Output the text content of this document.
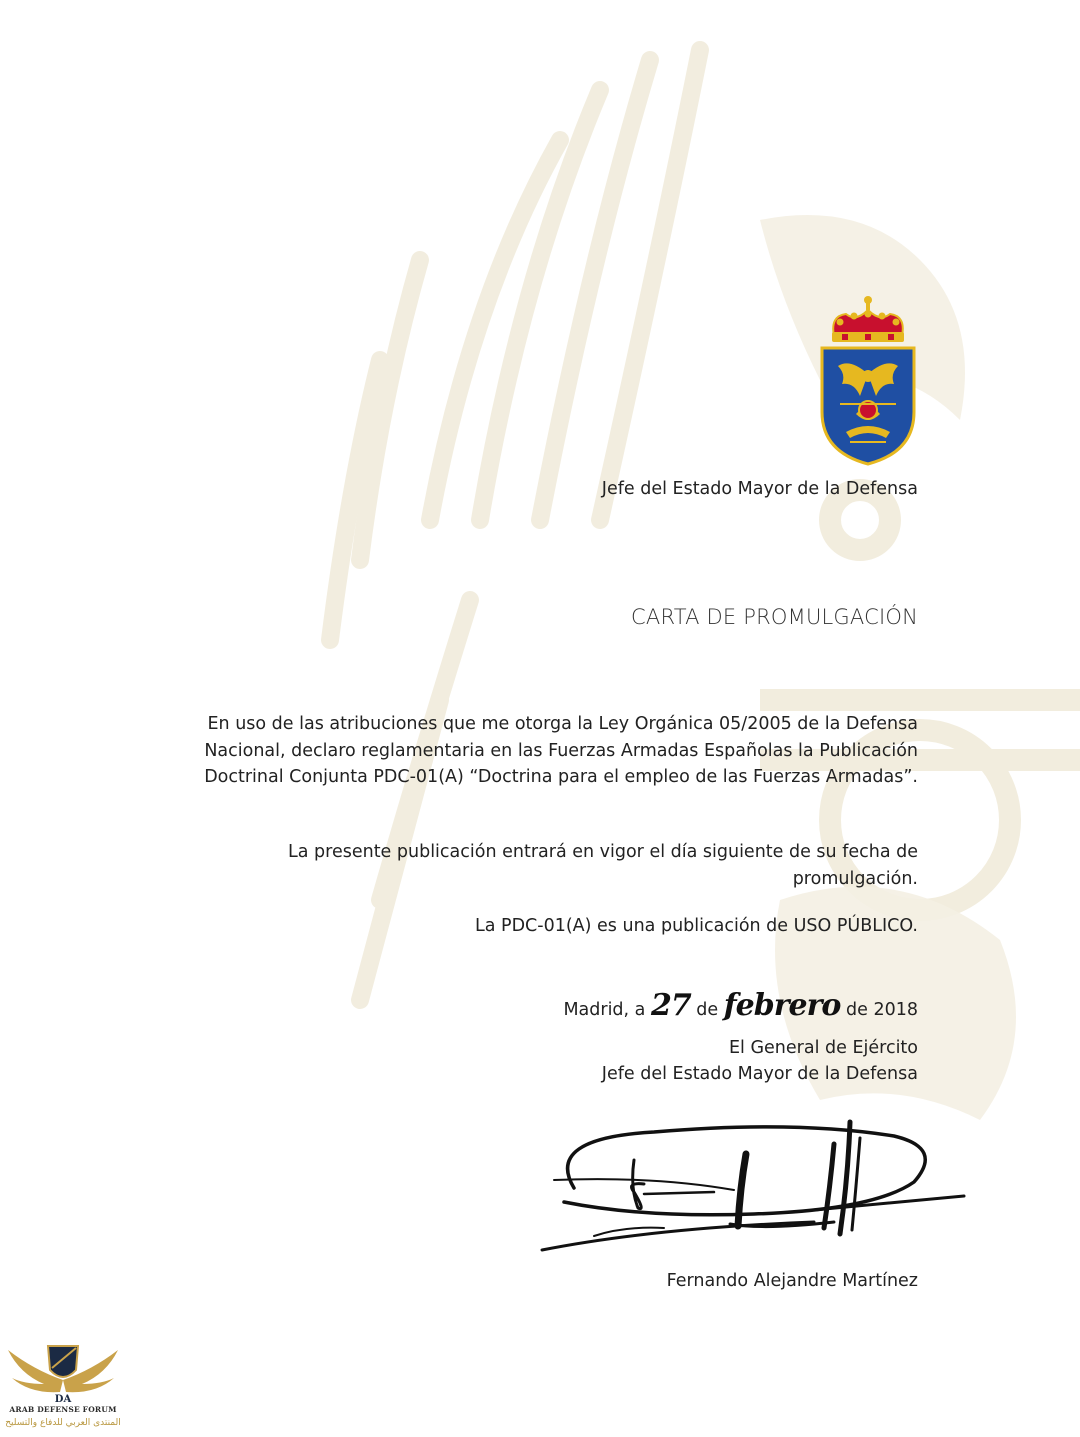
Jefe del Estado Mayor de la Defensa
CARTA DE PROMULGACIÓN
En uso de las atribuciones que me otorga la Ley Orgánica 05/2005 de la Defensa Nacional, declaro reglamentaria en las Fuerzas Armadas Españolas la Publicación Doctrinal Conjunta PDC-01(A) “Doctrina para el empleo de las Fuerzas Armadas”.
La presente publicación entrará en vigor el día siguiente de su fecha de promulgación.
La PDC-01(A) es una publicación de USO PÚBLICO.
Madrid, a 27 de febrero de 2018
El General de Ejército
Jefe del Estado Mayor de la Defensa
Fernando Alejandre Martínez
DA
ARAB DEFENSE FORUM
المنتدى العربي للدفاع والتسليح
